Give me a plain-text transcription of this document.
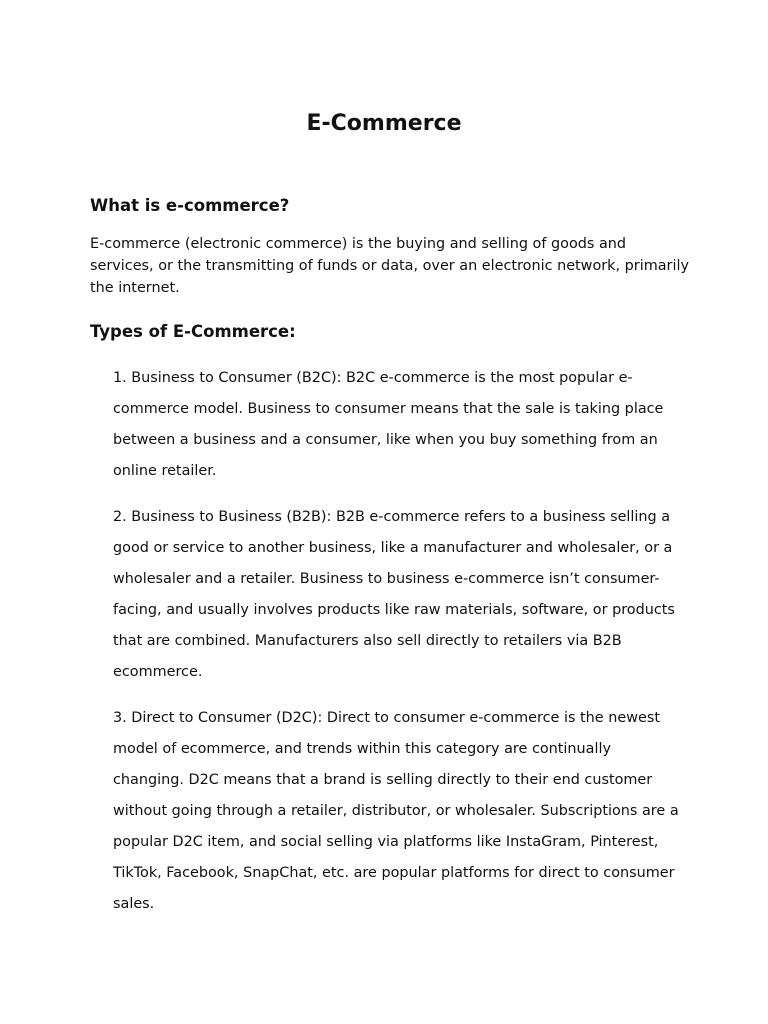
E-Commerce
What is e-commerce?

E-commerce (electronic commerce) is the buying and selling of goods and services, or the transmitting of funds or data, over an electronic network, primarily the internet.

Types of E-Commerce:
1. Business to Consumer (B2C): B2C e-commerce is the most popular e-commerce model. Business to consumer means that the sale is taking place between a business and a consumer, like when you buy something from an online retailer.
2. Business to Business (B2B): B2B e-commerce refers to a business selling a good or service to another business, like a manufacturer and wholesaler, or a wholesaler and a retailer. Business to business e-commerce isn’t consumer-facing, and usually involves products like raw materials, software, or products that are combined. Manufacturers also sell directly to retailers via B2B ecommerce.
3. Direct to Consumer (D2C): Direct to consumer e-commerce is the newest model of ecommerce, and trends within this category are continually changing. D2C means that a brand is selling directly to their end customer without going through a retailer, distributor, or wholesaler. Subscriptions are a popular D2C item, and social selling via platforms like InstaGram, Pinterest, TikTok, Facebook, SnapChat, etc. are popular platforms for direct to consumer sales.
